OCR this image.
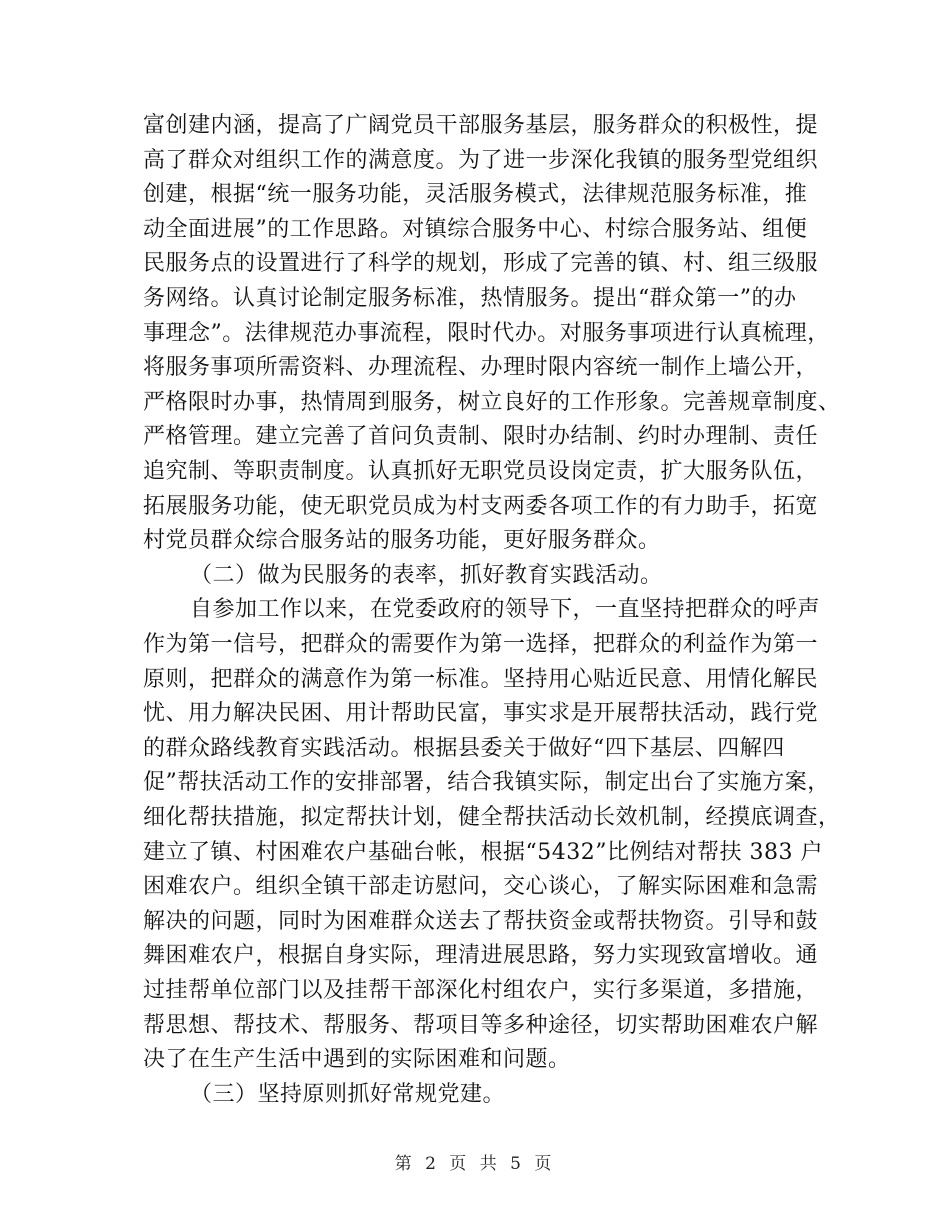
富创建内涵，提高了广阔党员干部服务基层，服务群众的积极性，提
高了群众对组织工作的满意度。为了进一步深化我镇的服务型党组织
创建，根据“统一服务功能，灵活服务模式，法律规范服务标准，推
动全面进展”的工作思路。对镇综合服务中心、村综合服务站、组便
民服务点的设置进行了科学的规划，形成了完善的镇、村、组三级服
务网络。认真讨论制定服务标准，热情服务。提出“群众第一”的办
事理念”。法律规范办事流程，限时代办。对服务事项进行认真梳理，
将服务事项所需资料、办理流程、办理时限内容统一制作上墙公开，
严格限时办事，热情周到服务，树立良好的工作形象。完善规章制度、
严格管理。建立完善了首问负责制、限时办结制、约时办理制、责任
追究制、等职责制度。认真抓好无职党员设岗定责，扩大服务队伍，
拓展服务功能，使无职党员成为村支两委各项工作的有力助手，拓宽
村党员群众综合服务站的服务功能，更好服务群众。
（二）做为民服务的表率，抓好教育实践活动。
自参加工作以来，在党委政府的领导下，一直坚持把群众的呼声
作为第一信号，把群众的需要作为第一选择，把群众的利益作为第一
原则，把群众的满意作为第一标准。坚持用心贴近民意、用情化解民
忧、用力解决民困、用计帮助民富，事实求是开展帮扶活动，践行党
的群众路线教育实践活动。根据县委关于做好“四下基层、四解四
促”帮扶活动工作的安排部署，结合我镇实际，制定出台了实施方案，
细化帮扶措施，拟定帮扶计划，健全帮扶活动长效机制，经摸底调查，
建立了镇、村困难农户基础台帐，根据“5432”比例结对帮扶 383 户
困难农户。组织全镇干部走访慰问，交心谈心，了解实际困难和急需
解决的问题，同时为困难群众送去了帮扶资金或帮扶物资。引导和鼓
舞困难农户，根据自身实际，理清进展思路，努力实现致富增收。通
过挂帮单位部门以及挂帮干部深化村组农户，实行多渠道，多措施，
帮思想、帮技术、帮服务、帮项目等多种途径，切实帮助困难农户解
决了在生产生活中遇到的实际困难和问题。
（三）坚持原则抓好常规党建。
第 2 页 共 5 页
